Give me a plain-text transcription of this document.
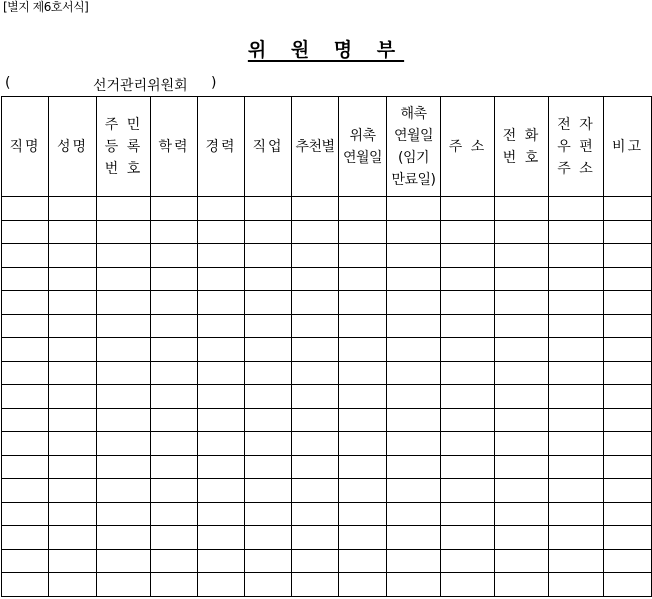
[별지 제6호서식]
위 원 명 부
(	선거관리위원회 )
직명	성명	주 민
등 록
번 호	학력	경력	직업	추천별	위촉
연월일	해촉
연월일
(임기
만료일)	주 소	전 화
번 호	전 자
우 편
주 소	비고
